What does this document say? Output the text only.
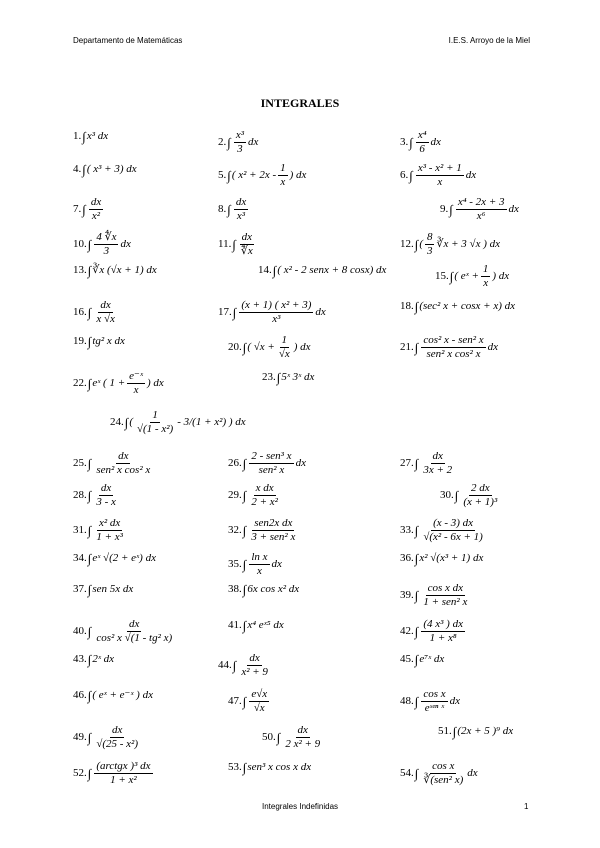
Departamento de Matemáticas	I.E.S. Arroyo de la Miel
INTEGRALES
1. ∫ x³ dx	2. ∫ $\frac{\text{x³}}{3}$ dx	3. ∫ $\frac{\text{x⁴}}{6}$ dx
4. ∫ ( x³ + 3) dx	5. ∫ ( $x^2 + 2x - \frac{1}{x}$ ) dx	6. ∫ $\frac{\text{x³ - x² + 1}}{x}$ dx
7. ∫ $\frac{dx}{\text{x²}}$	8. ∫ $\frac{dx}{\text{x³}}$	9. ∫ $\frac{\text{x⁴ - 2x + 3}}{\text{x⁶}}$ dx
10. ∫ $\frac{4 ∜x}{3}$ dx	11. ∫ $\frac{dx}{∜x}$	12. ∫ ( $\frac{8}{3}$ ∛x + 3 √x ) dx
13. ∫ ∛x (√x + 1) dx	14. ∫ ( x² - 2 senx + 8 cosx) dx	15. ∫ ( eˣ + $\frac{1}{x}$ ) dx
16. ∫ $\frac{dx}{x √x}$	17. ∫ $\frac{\text{(x + 1) ( x² + 3)}}{\text{x³}}$ dx	18. ∫ (sec² x + cosx + x) dx
19. ∫ tg² x dx	20. ∫ ( $√x + \frac{1}{√x}$ ) dx	21. ∫ $\frac{\text{cos² x - sen² x}}{\text{sen² x cos² x}}$ dx
22. ∫ eˣ ( $1 + \frac{\text{e⁻ˣ}}{x}$ ) dx	23. ∫ 5ˣ 3ˣ dx
24. ∫ ( $\frac{1}{\text{√(1 - x²)}} - 3/(1 + x^2)$ ) dx
25. ∫ $\frac{dx}{\text{sen² x cos² x}}$	26. ∫ $\frac{\text{2 - sen³ x}}{\text{sen² x}}$ dx	27. ∫ $\frac{dx}{3x + 2}$
28. ∫ $\frac{dx}{3 - x}$	29. ∫ $\frac{\text{x dx}}{\text{2 + x²}}$	30. ∫ $\frac{2 dx}{\text{(x + 1)³}}$
31. ∫ $\frac{\text{x² dx}}{\text{1 + x³}}$	32. ∫ $\frac{\text{sen2x dx}}{\text{3 + sen² x}}$	33. ∫ $\frac{(x - 3) dx}{\text{√(x² - 6x + 1)}}$
34. ∫ eˣ √(2 + eˣ) dx	35. ∫ $\frac{\text{ln x}}{x}$ dx	36. ∫ x² √(x³ + 1) dx
37. ∫ sen 5x dx	38. ∫ 6x cos x² dx	39. ∫ $\frac{\text{cos x dx}}{\text{1 + sen² x}}$
40. ∫ $\frac{dx}{\text{cos² x √(1 - tg² x)}}$	41. ∫ x⁴ eˣ⁵ dx	42. ∫ $\frac{\text{(4 x³ ) dx}}{\text{1 + x⁸}}$
43. ∫ 2ˣ dx	44. ∫ $\frac{dx}{\text{x² + 9}}$	45. ∫ e⁷ˣ dx
46. ∫ ( eˣ + e⁻ˣ ) dx	47. ∫ $\frac{e√x}{√x}$	48. ∫ $\frac{\text{cos x}}{\text{eˢᵉⁿ ˣ}}$ dx
49. ∫ $\frac{dx}{\text{√(25 - x²)}}$	50. ∫ $\frac{dx}{\text{2 x² + 9}}$	51. ∫ (2x + 5 )⁹ dx
52. ∫ $\frac{\text{(arctgx )³ dx}}{\text{1 + x²}}$	53. ∫ sen³ x cos x dx	54. ∫ $\frac{\text{cos x}}{\text{∛(sen² x)}}$ dx
Integrales Indefinidas	1
